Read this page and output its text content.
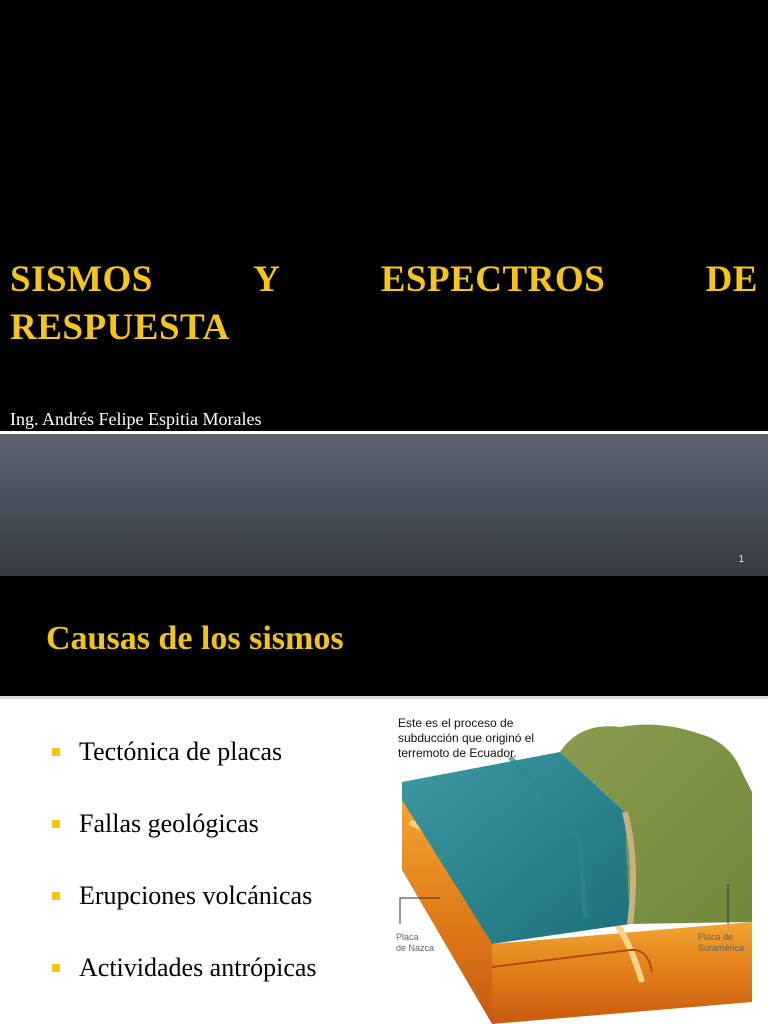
SISMOS	Y	ESPECTROS	DE
RESPUESTA
Ing. Andrés Felipe Espitia Morales
1
Causas de los sismos
Tectónica de placas
Fallas geológicas
Erupciones volcánicas
Actividades antrópicas
Este es el proceso de subducción que originó el terremoto de Ecuador.
Placa
de Nazca
Placa de
Suramérica
